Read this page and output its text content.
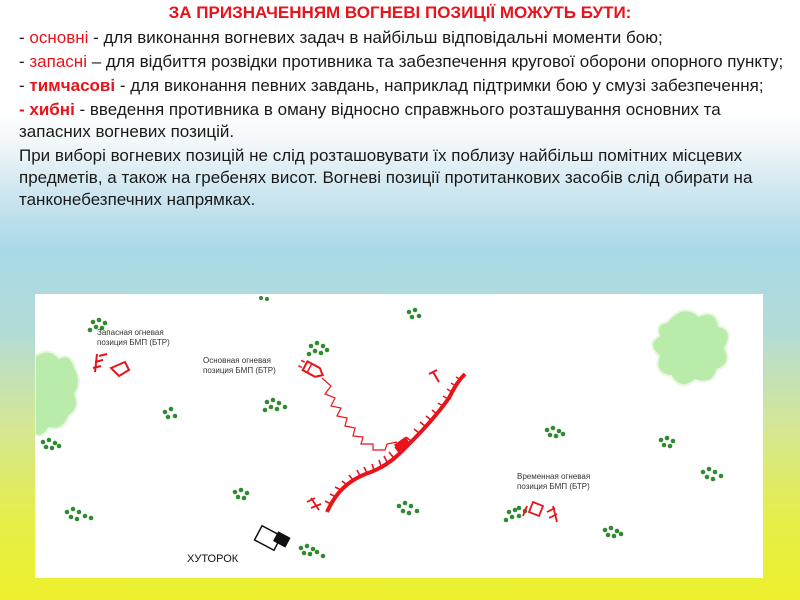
ЗА ПРИЗНАЧЕННЯМ ВОГНЕВІ ПОЗИЦІЇ МОЖУТЬ БУТИ:

- основні - для виконання вогневих задач в найбільш відповідальні моменти бою;

- запасні – для відбиття розвідки противника та забезпечення кругової оборони опорного пункту;

- тимчасові - для виконання певних завдань, наприклад підтримки бою у смузі забезпечення;

- хибні - введення противника в оману відносно справжнього розташування основних та запасних вогневих позицій.

При виборі вогневих позицій не слід розташовувати їх поблизу найбільш помітних місцевих предметів, а також на гребенях висот. Вогневі позиції протитанкових засобів слід обирати на танконебезпечних напрямках.

Запасная огневая
позиция БМП (БТР)
Основная огневая
позиция БМП (БТР)
Временная огневая
позиция БМП (БТР)
ХУТОРОК
